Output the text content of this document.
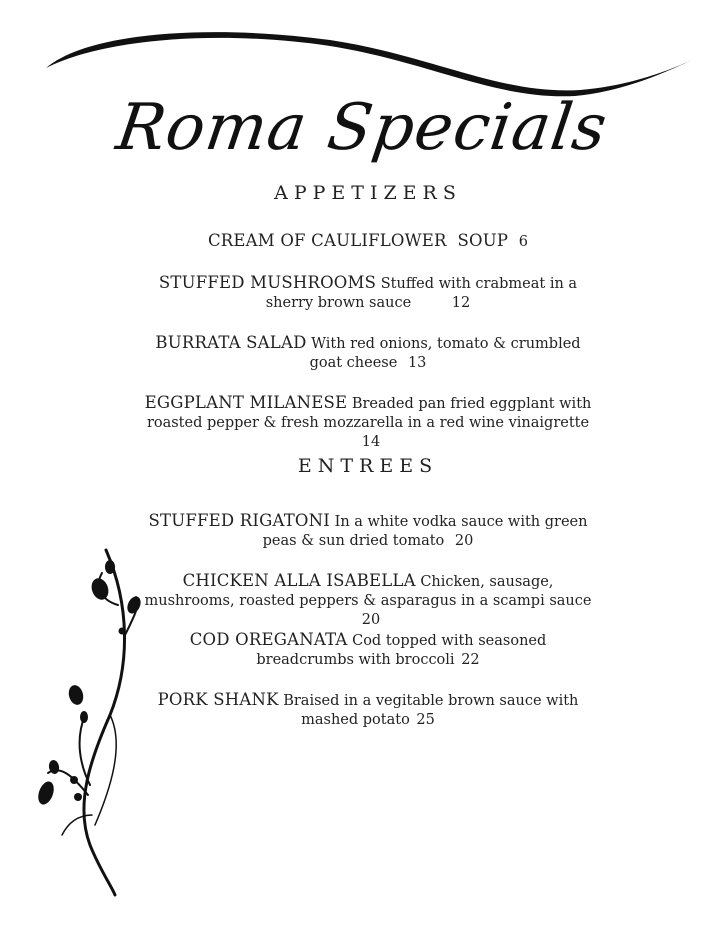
Roma Specials
APPETIZERS
CREAM OF CAULIFLOWER  SOUP 6
STUFFED MUSHROOMS Stuffed with crabmeat in a sherry brown sauce	12
BURRATA SALAD With red onions, tomato & crumbled goat cheese 13
EGGPLANT MILANESE Breaded pan fried eggplant with roasted pepper & fresh mozzarella in a red wine vinaigrette 14
ENTREES
STUFFED RIGATONI In a white vodka sauce with green peas & sun dried tomato 20
CHICKEN ALLA ISABELLA Chicken, sausage, mushrooms, roasted peppers & asparagus in a scampi sauce 20
COD OREGANATA Cod topped with seasoned breadcrumbs with broccoli 22
PORK SHANK Braised in a vegitable brown sauce with mashed potato 25
